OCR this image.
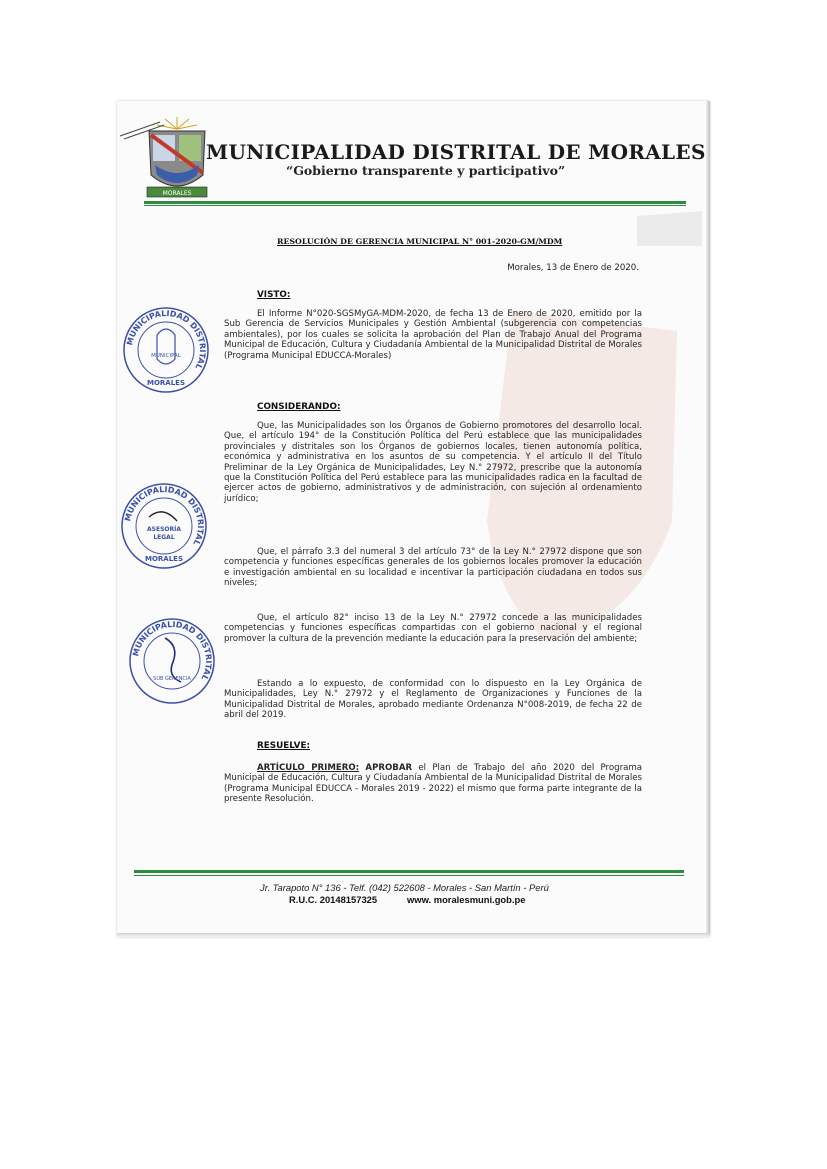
MORALES
MUNICIPALIDAD DISTRITAL DE MORALES
“Gobierno transparente y participativo”
RESOLUCIÓN DE GERENCIA MUNICIPAL N° 001-2020-GM/MDM
Morales, 13 de Enero de 2020.
VISTO:

El Informe N°020-SGSMyGA-MDM-2020, de fecha 13 de Enero de 2020, emitido por la Sub Gerencia de Servicios Municipales y Gestión Ambiental (subgerencia con competencias ambientales), por los cuales se solicita la aprobación del Plan de Trabajo Anual del Programa Municipal de Educación, Cultura y Ciudadanía Ambiental de la Municipalidad Distrital de Morales (Programa Municipal EDUCCA-Morales)

CONSIDERANDO:

Que, las Municipalidades son los Órganos de Gobierno promotores del desarrollo local. Que, el artículo 194° de la Constitución Política del Perú establece que las municipalidades provinciales y distritales son los Órganos de gobiernos locales, tienen autonomía política, económica y administrativa en los asuntos de su competencia. Y el artículo II del Título Preliminar de la Ley Orgánica de Municipalidades, Ley N.° 27972, prescribe que la autonomía que la Constitución Política del Perú establece para las municipalidades radica en la facultad de ejercer actos de gobierno, administrativos y de administración, con sujeción al ordenamiento jurídico;

Que, el párrafo 3.3 del numeral 3 del artículo 73° de la Ley N.° 27972 dispone que son competencia y funciones específicas generales de los gobiernos locales promover la educación e investigación ambiental en su localidad e incentivar la participación ciudadana en todos sus niveles;

Que, el artículo 82° inciso 13 de la Ley N.° 27972 concede a las municipalidades competencias y funciones específicas compartidas con el gobierno nacional y el regional promover la cultura de la prevención mediante la educación para la preservación del ambiente;

Estando a lo expuesto, de conformidad con lo dispuesto en la Ley Orgánica de Municipalidades, Ley N.° 27972 y el Reglamento de Organizaciones y Funciones de la Municipalidad Distrital de Morales, aprobado mediante Ordenanza N°008-2019, de fecha 22 de abril del 2019.

RESUELVE:

ARTÍCULO PRIMERO: APROBAR el Plan de Trabajo del año 2020 del Programa Municipal de Educación, Cultura y Ciudadanía Ambiental de la Municipalidad Distrital de Morales (Programa Municipal EDUCCA - Morales 2019 - 2022) el mismo que forma parte integrante de la presente Resolución.

MUNICIPALIDAD DISTRITAL
MUNICIPAL
MORALES
MUNICIPALIDAD DISTRITAL
ASESORÍA
LEGAL
MORALES
MUNICIPALIDAD DISTRITAL
SUB GERENCIA
Jr. Tarapoto N° 136 - Telf. (042) 522608 - Morales - San Martín - Perú
R.U.C. 20148157325	www. moralesmuni.gob.pe
